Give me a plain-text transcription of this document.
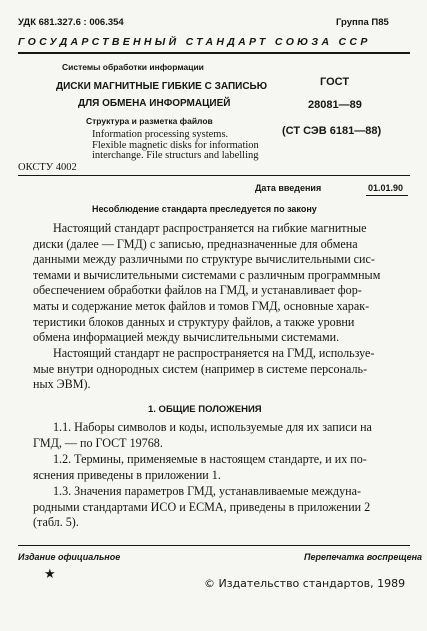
УДК 681.327.6 : 006.354	Группа П85
ГОСУДАРСТВЕННЫЙ СТАНДАРТ СОЮЗА ССР
Системы обработки информации
ДИСКИ МАГНИТНЫЕ ГИБКИЕ С ЗАПИСЬЮ
ДЛЯ ОБМЕНА ИНФОРМАЦИЕЙ
Структура и разметка файлов
Information processing systems.
Flexible magnetic disks for information
interchange. File structurs and labelling
ОКСТУ 4002
ГОСТ
28081—89
(СТ СЭВ 6181—88)
Дата введения	01.01.90
Несоблюдение стандарта преследуется по закону
Настоящий стандарт распространяется на гибкие магнитные
диски (далее — ГМД) с записью, предназначенные для обмена
данными между различными по структуре вычислительными сис-
темами и вычислительными системами с различным программным
обеспечением обработки файлов на ГМД, и устанавливает фор-
маты и содержание меток файлов и томов ГМД, основные харак-
теристики блоков данных и структуру файлов, а также уровни
обмена информацией между вычислительными системами.
Настоящий стандарт не распространяется на ГМД, используе-
мые внутри однородных систем (например в системе персональ-
ных ЭВМ).
1. ОБЩИЕ ПОЛОЖЕНИЯ
1.1. Наборы символов и коды, используемые для их записи на
ГМД, — по ГОСТ 19768.
1.2. Термины, применяемые в настоящем стандарте, и их по-
яснения приведены в приложении 1.
1.3. Значения параметров ГМД, устанавливаемые междуна-
родными стандартами ИСО и ЕСМА, приведены в приложении 2
(табл. 5).
Издание официальное	Перепечатка воспрещена
★
© Издательство стандартов, 1989
